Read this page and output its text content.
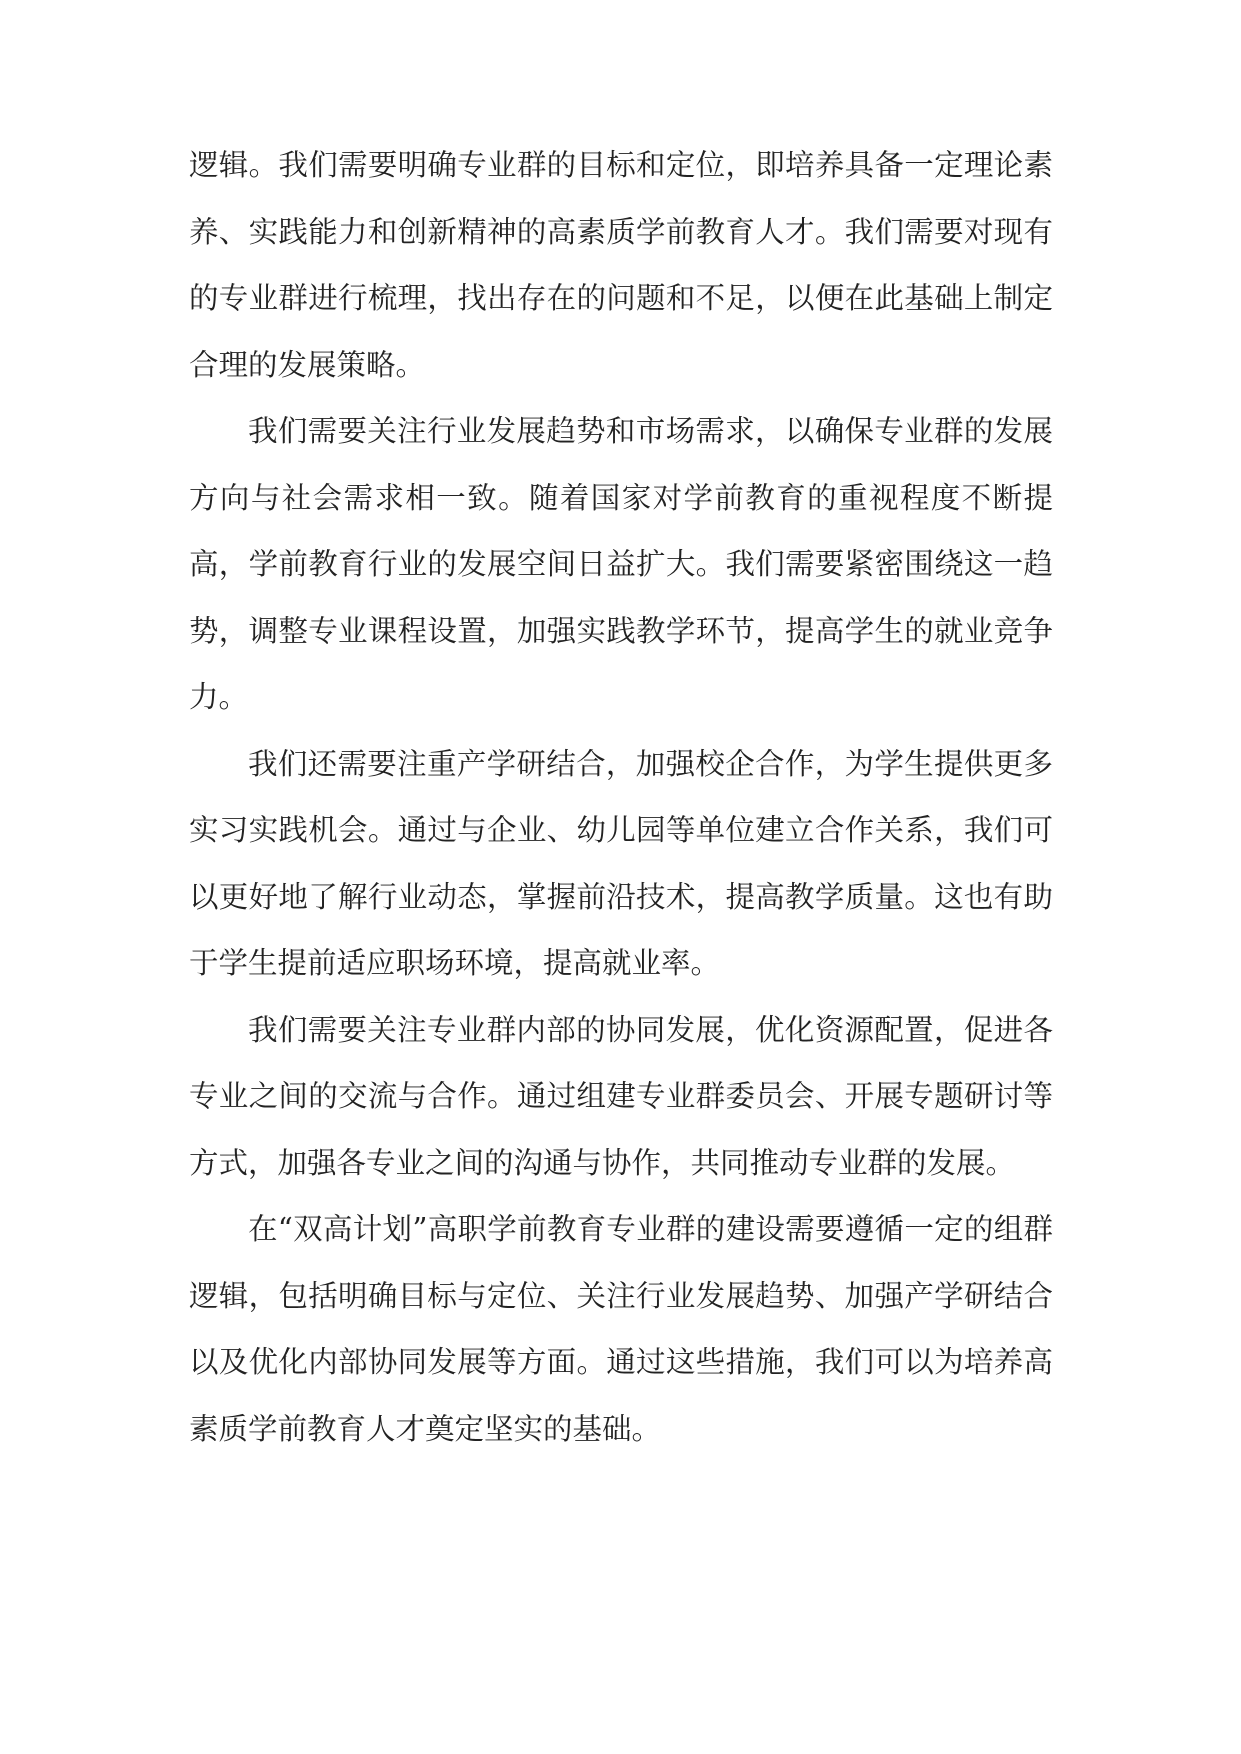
逻辑。我们需要明确专业群的目标和定位，即培养具备一定理论素养、实践能力和创新精神的高素质学前教育人才。我们需要对现有的专业群进行梳理，找出存在的问题和不足，以便在此基础上制定合理的发展策略。

我们需要关注行业发展趋势和市场需求，以确保专业群的发展方向与社会需求相一致。随着国家对学前教育的重视程度不断提高，学前教育行业的发展空间日益扩大。我们需要紧密围绕这一趋势，调整专业课程设置，加强实践教学环节，提高学生的就业竞争力。

我们还需要注重产学研结合，加强校企合作，为学生提供更多实习实践机会。通过与企业、幼儿园等单位建立合作关系，我们可以更好地了解行业动态，掌握前沿技术，提高教学质量。这也有助于学生提前适应职场环境，提高就业率。

我们需要关注专业群内部的协同发展，优化资源配置，促进各专业之间的交流与合作。通过组建专业群委员会、开展专题研讨等方式，加强各专业之间的沟通与协作，共同推动专业群的发展。

在“双高计划”高职学前教育专业群的建设需要遵循一定的组群逻辑，包括明确目标与定位、关注行业发展趋势、加强产学研结合以及优化内部协同发展等方面。通过这些措施，我们可以为培养高素质学前教育人才奠定坚实的基础。
